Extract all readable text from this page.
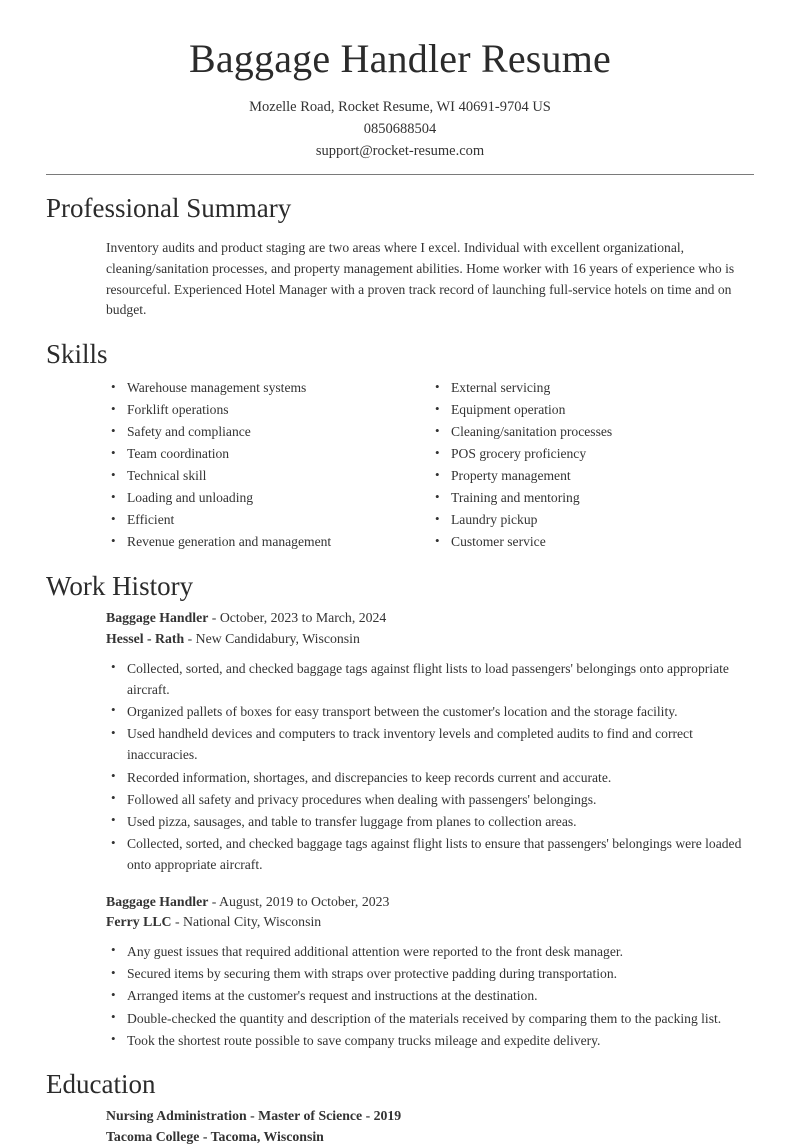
Baggage Handler Resume
Mozelle Road, Rocket Resume, WI 40691-9704 US
0850688504
support@rocket-resume.com
Professional Summary

Inventory audits and product staging are two areas where I excel. Individual with excellent organizational, cleaning/sanitation processes, and property management abilities. Home worker with 16 years of experience who is resourceful. Experienced Hotel Manager with a proven track record of launching full-service hotels on time and on budget.

Skills
• Warehouse management systems
• Forklift operations
• Safety and compliance
• Team coordination
• Technical skill
• Loading and unloading
• Efficient
• Revenue generation and management
• External servicing
• Equipment operation
• Cleaning/sanitation processes
• POS grocery proficiency
• Property management
• Training and mentoring
• Laundry pickup
• Customer service
Work History
Baggage Handler - October, 2023 to March, 2024
Hessel - Rath - New Candidabury, Wisconsin
• Collected, sorted, and checked baggage tags against flight lists to load passengers' belongings onto appropriate aircraft.
• Organized pallets of boxes for easy transport between the customer's location and the storage facility.
• Used handheld devices and computers to track inventory levels and completed audits to find and correct inaccuracies.
• Recorded information, shortages, and discrepancies to keep records current and accurate.
• Followed all safety and privacy procedures when dealing with passengers' belongings.
• Used pizza, sausages, and table to transfer luggage from planes to collection areas.
• Collected, sorted, and checked baggage tags against flight lists to ensure that passengers' belongings were loaded onto appropriate aircraft.
Baggage Handler - August, 2019 to October, 2023
Ferry LLC - National City, Wisconsin
• Any guest issues that required additional attention were reported to the front desk manager.
• Secured items by securing them with straps over protective padding during transportation.
• Arranged items at the customer's request and instructions at the destination.
• Double-checked the quantity and description of the materials received by comparing them to the packing list.
• Took the shortest route possible to save company trucks mileage and expedite delivery.
Education
Nursing Administration - Master of Science - 2019
Tacoma College - Tacoma, Wisconsin
